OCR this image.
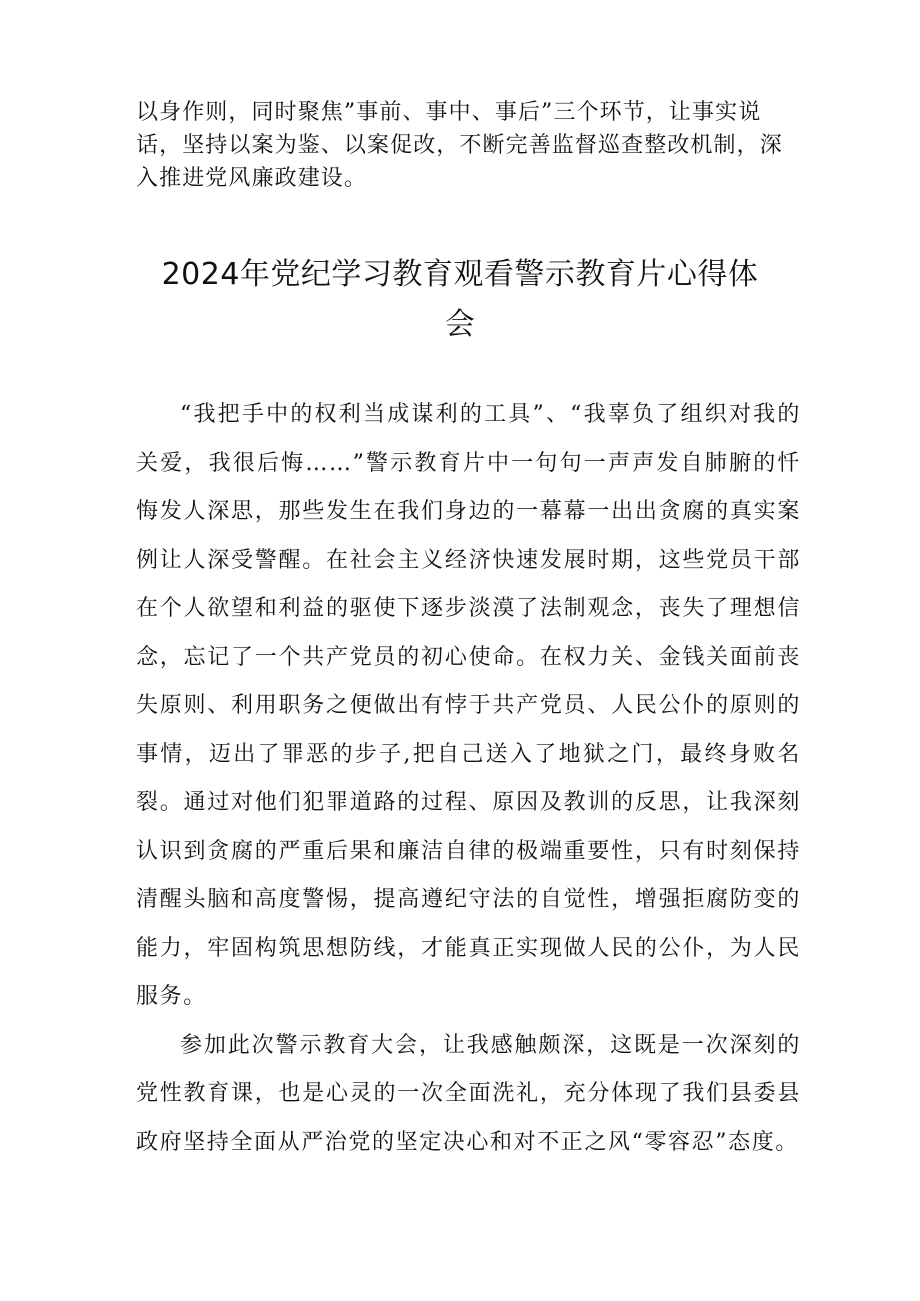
以身作则，同时聚焦”事前、事中、事后”三个环节，让事实说话，坚持以案为鉴、以案促改，不断完善监督巡查整改机制，深入推进党风廉政建设。

2024年党纪学习教育观看警示教育片心得体会

“我把手中的权利当成谋利的工具”、“我辜负了组织对我的关爱，我很后悔……”警示教育片中一句句一声声发自肺腑的忏悔发人深思，那些发生在我们身边的一幕幕一出出贪腐的真实案例让人深受警醒。在社会主义经济快速发展时期，这些党员干部在个人欲望和利益的驱使下逐步淡漠了法制观念，丧失了理想信念，忘记了一个共产党员的初心使命。在权力关、金钱关面前丧失原则、利用职务之便做出有悖于共产党员、人民公仆的原则的事情，迈出了罪恶的步子,把自己送入了地狱之门，最终身败名裂。通过对他们犯罪道路的过程、原因及教训的反思，让我深刻认识到贪腐的严重后果和廉洁自律的极端重要性，只有时刻保持清醒头脑和高度警惕，提高遵纪守法的自觉性，增强拒腐防变的能力，牢固构筑思想防线，才能真正实现做人民的公仆，为人民服务。

参加此次警示教育大会，让我感触颇深，这既是一次深刻的党性教育课，也是心灵的一次全面洗礼，充分体现了我们县委县政府坚持全面从严治党的坚定决心和对不正之风“零容忍”态度。
